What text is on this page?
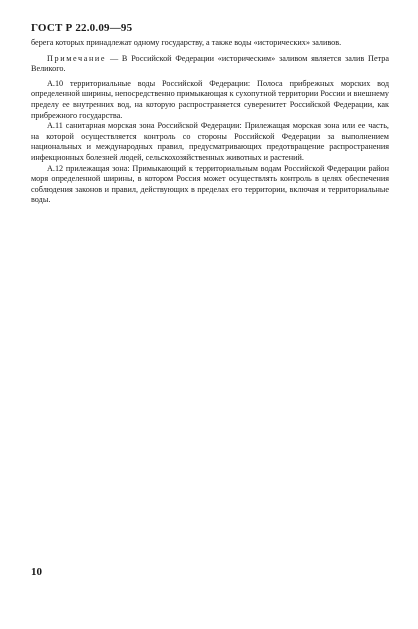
ГОСТ Р 22.0.09—95

берега которых принадлежат одному государству, а также воды «исторических» заливов.

Примечание — В Российской Федерации «историческим» заливом является залив Петра Великого.

А.10 территориальные воды Российской Федерации: Полоса прибрежных морских вод определенной ширины, непосредственно примыкающая к сухопутной территории России и внешнему пределу ее внутренних вод, на которую распространяется суверенитет Российской Федерации, как прибрежного государства.

А.11 санитарная морская зона Российской Федерации: Прилежащая морская зона или ее часть, на которой осуществляется контроль со стороны Российской Федерации за выполнением национальных и международных правил, предусматривающих предотвращение распространения инфекционных болезней людей, сельскохозяйственных животных и растений.

А.12 прилежащая зона: Примыкающий к территориальным водам Российской Федерации район моря определенной ширины, в котором Россия может осуществлять контроль в целях обеспечения соблюдения законов и правил, действующих в пределах его территории, включая и территориальные воды.

10
